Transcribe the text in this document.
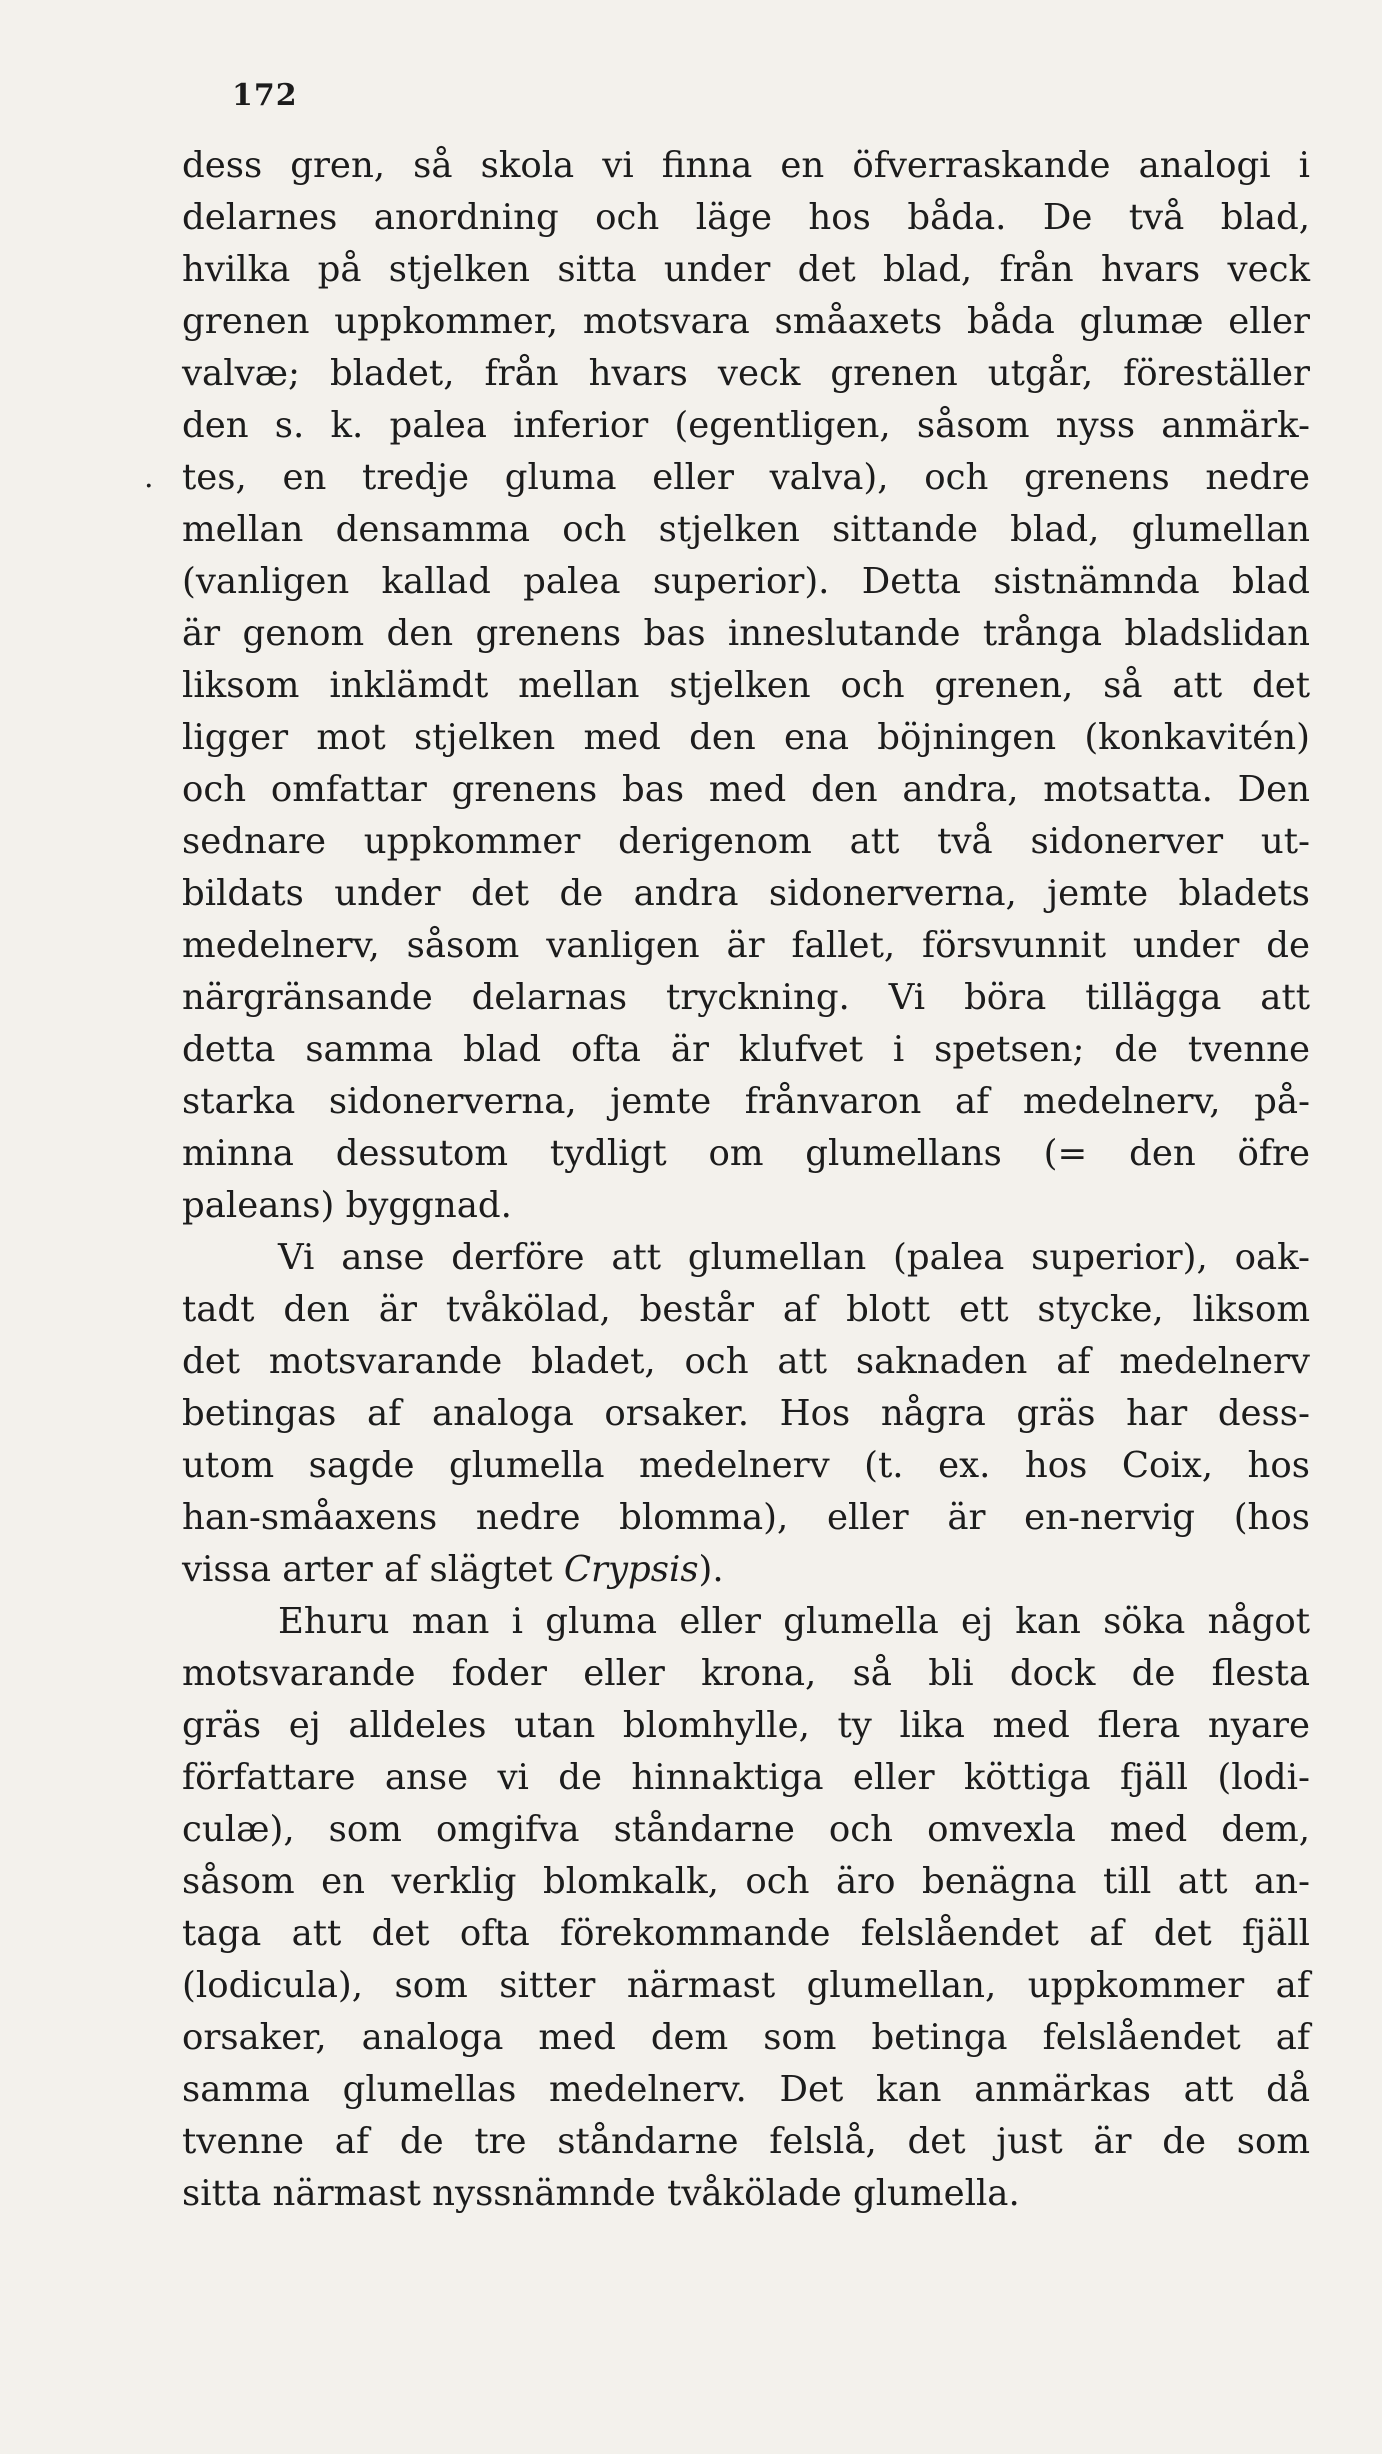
172
dess gren, så skola vi finna en öfverraskande analogi i
delarnes anordning och läge hos båda. De två blad,
hvilka på stjelken sitta under det blad, från hvars veck
grenen uppkommer, motsvara småaxets båda glumæ eller
valvæ; bladet, från hvars veck grenen utgår, föreställer
den s. k. palea inferior (egentligen, såsom nyss anmärk-
. tes, en tredje gluma eller valva), och grenens nedre
mellan densamma och stjelken sittande blad, glumellan
(vanligen kallad palea superior). Detta sistnämnda blad
är genom den grenens bas inneslutande trånga bladslidan
liksom inklämdt mellan stjelken och grenen, så att det
ligger mot stjelken med den ena böjningen (konkavitén)
och omfattar grenens bas med den andra, motsatta. Den
sednare uppkommer derigenom att två sidonerver ut-
bildats under det de andra sidonerverna, jemte bladets
medelnerv, såsom vanligen är fallet, försvunnit under de
närgränsande delarnas tryckning. Vi böra tillägga att
detta samma blad ofta är klufvet i spetsen; de tvenne
starka sidonerverna, jemte frånvaron af medelnerv, på-
minna dessutom tydligt om glumellans (= den öfre
paleans) byggnad.
Vi anse derföre att glumellan (palea superior), oak-
tadt den är tvåkölad, består af blott ett stycke, liksom
det motsvarande bladet, och att saknaden af medelnerv
betingas af analoga orsaker. Hos några gräs har dess-
utom sagde glumella medelnerv (t. ex. hos Coix, hos
han-småaxens nedre blomma), eller är en-nervig (hos
vissa arter af slägtet Crypsis).
Ehuru man i gluma eller glumella ej kan söka något
motsvarande foder eller krona, så bli dock de flesta
gräs ej alldeles utan blomhylle, ty lika med flera nyare
författare anse vi de hinnaktiga eller köttiga fjäll (lodi-
culæ), som omgifva ståndarne och omvexla med dem,
såsom en verklig blomkalk, och äro benägna till att an-
taga att det ofta förekommande felslåendet af det fjäll
(lodicula), som sitter närmast glumellan, uppkommer af
orsaker, analoga med dem som betinga felslåendet af
samma glumellas medelnerv. Det kan anmärkas att då
tvenne af de tre ståndarne felslå, det just är de som
sitta närmast nyssnämnde tvåkölade glumella.
